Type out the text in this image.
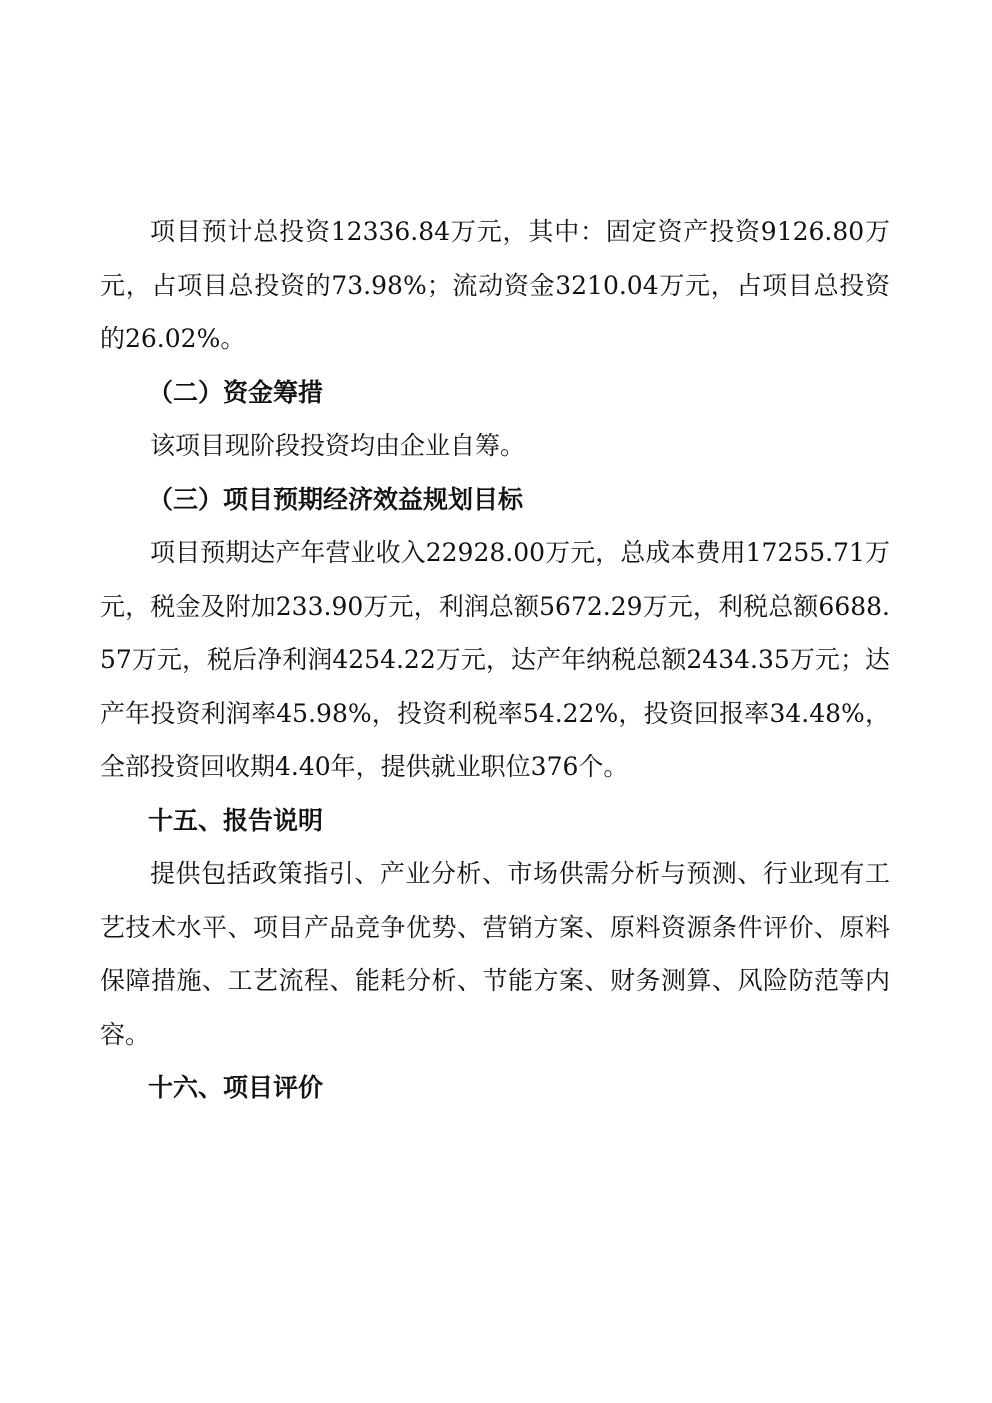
项目预计总投资12336.84万元，其中：固定资产投资9126.80万元，占项目总投资的73.98%；流动资金3210.04万元，占项目总投资的26.02%。

（二）资金筹措

该项目现阶段投资均由企业自筹。

（三）项目预期经济效益规划目标

项目预期达产年营业收入22928.00万元，总成本费用17255.71万元，税金及附加233.90万元，利润总额5672.29万元，利税总额6688.57万元，税后净利润4254.22万元，达产年纳税总额2434.35万元；达产年投资利润率45.98%，投资利税率54.22%，投资回报率34.48%，全部投资回收期4.40年，提供就业职位376个。

十五、报告说明

提供包括政策指引、产业分析、市场供需分析与预测、行业现有工艺技术水平、项目产品竞争优势、营销方案、原料资源条件评价、原料保障措施、工艺流程、能耗分析、节能方案、财务测算、风险防范等内容。

十六、项目评价
